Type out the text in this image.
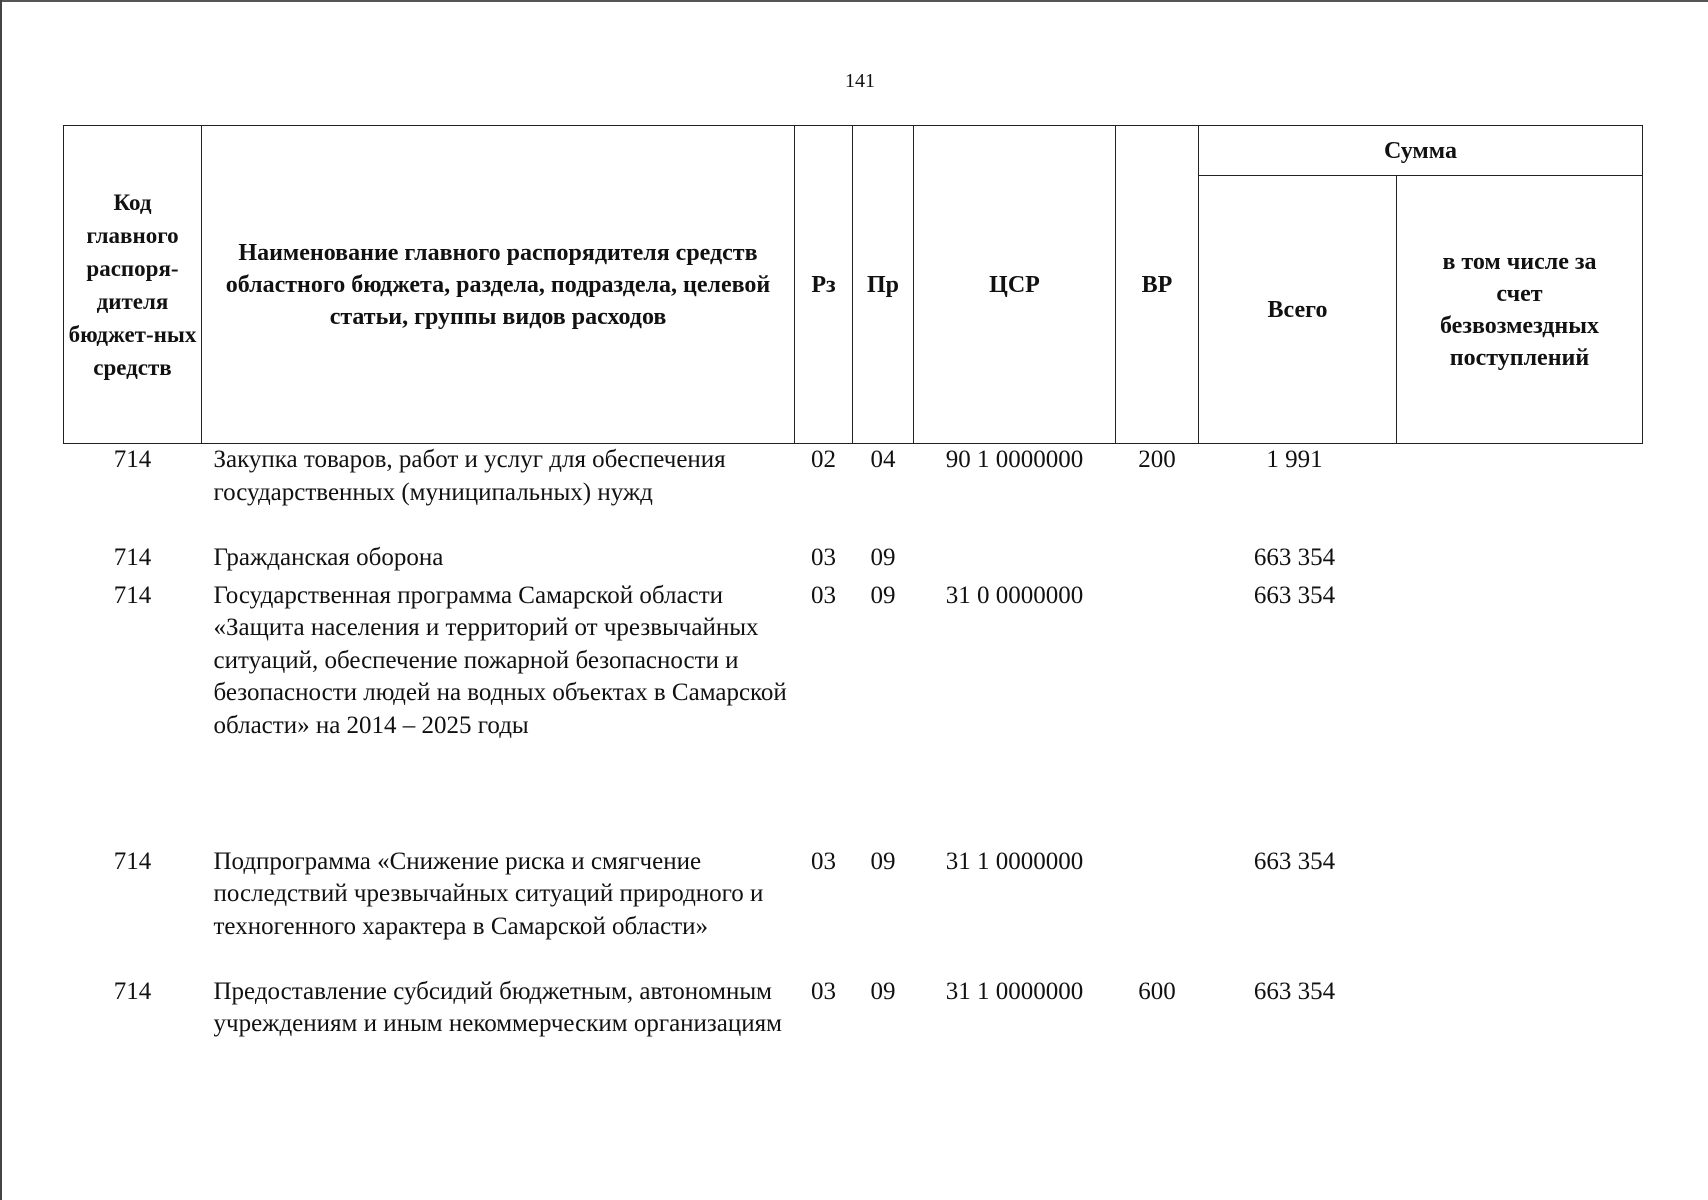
141
Код главного распоря-дителя бюджет-ных средств	Наименование главного распорядителя средств областного бюджета, раздела, подраздела, целевой статьи, группы видов расходов	Рз	Пр	ЦСР	ВР	Сумма	
						Всего	в том числе за счет безвозмездных поступлений
714	Закупка товаров, работ и услуг для обеспечения государственных (муниципальных) нужд	02	04	90 1 0000000	200	1 991	
714	Гражданская оборона	03	09			663 354	
714	Государственная программа Самарской области «Защита населения и территорий от чрезвычайных ситуаций, обеспечение пожарной безопасности и безопасности людей на водных объектах в Самарской области» на 2014 – 2025 годы	03	09	31 0 0000000		663 354	
714	Подпрограмма «Снижение риска и смягчение последствий чрезвычайных ситуаций природного и техногенного характера в Самарской области»	03	09	31 1 0000000		663 354	
714	Предоставление субсидий бюджетным, автономным учреждениям и иным некоммерческим организациям	03	09	31 1 0000000	600	663 354	
